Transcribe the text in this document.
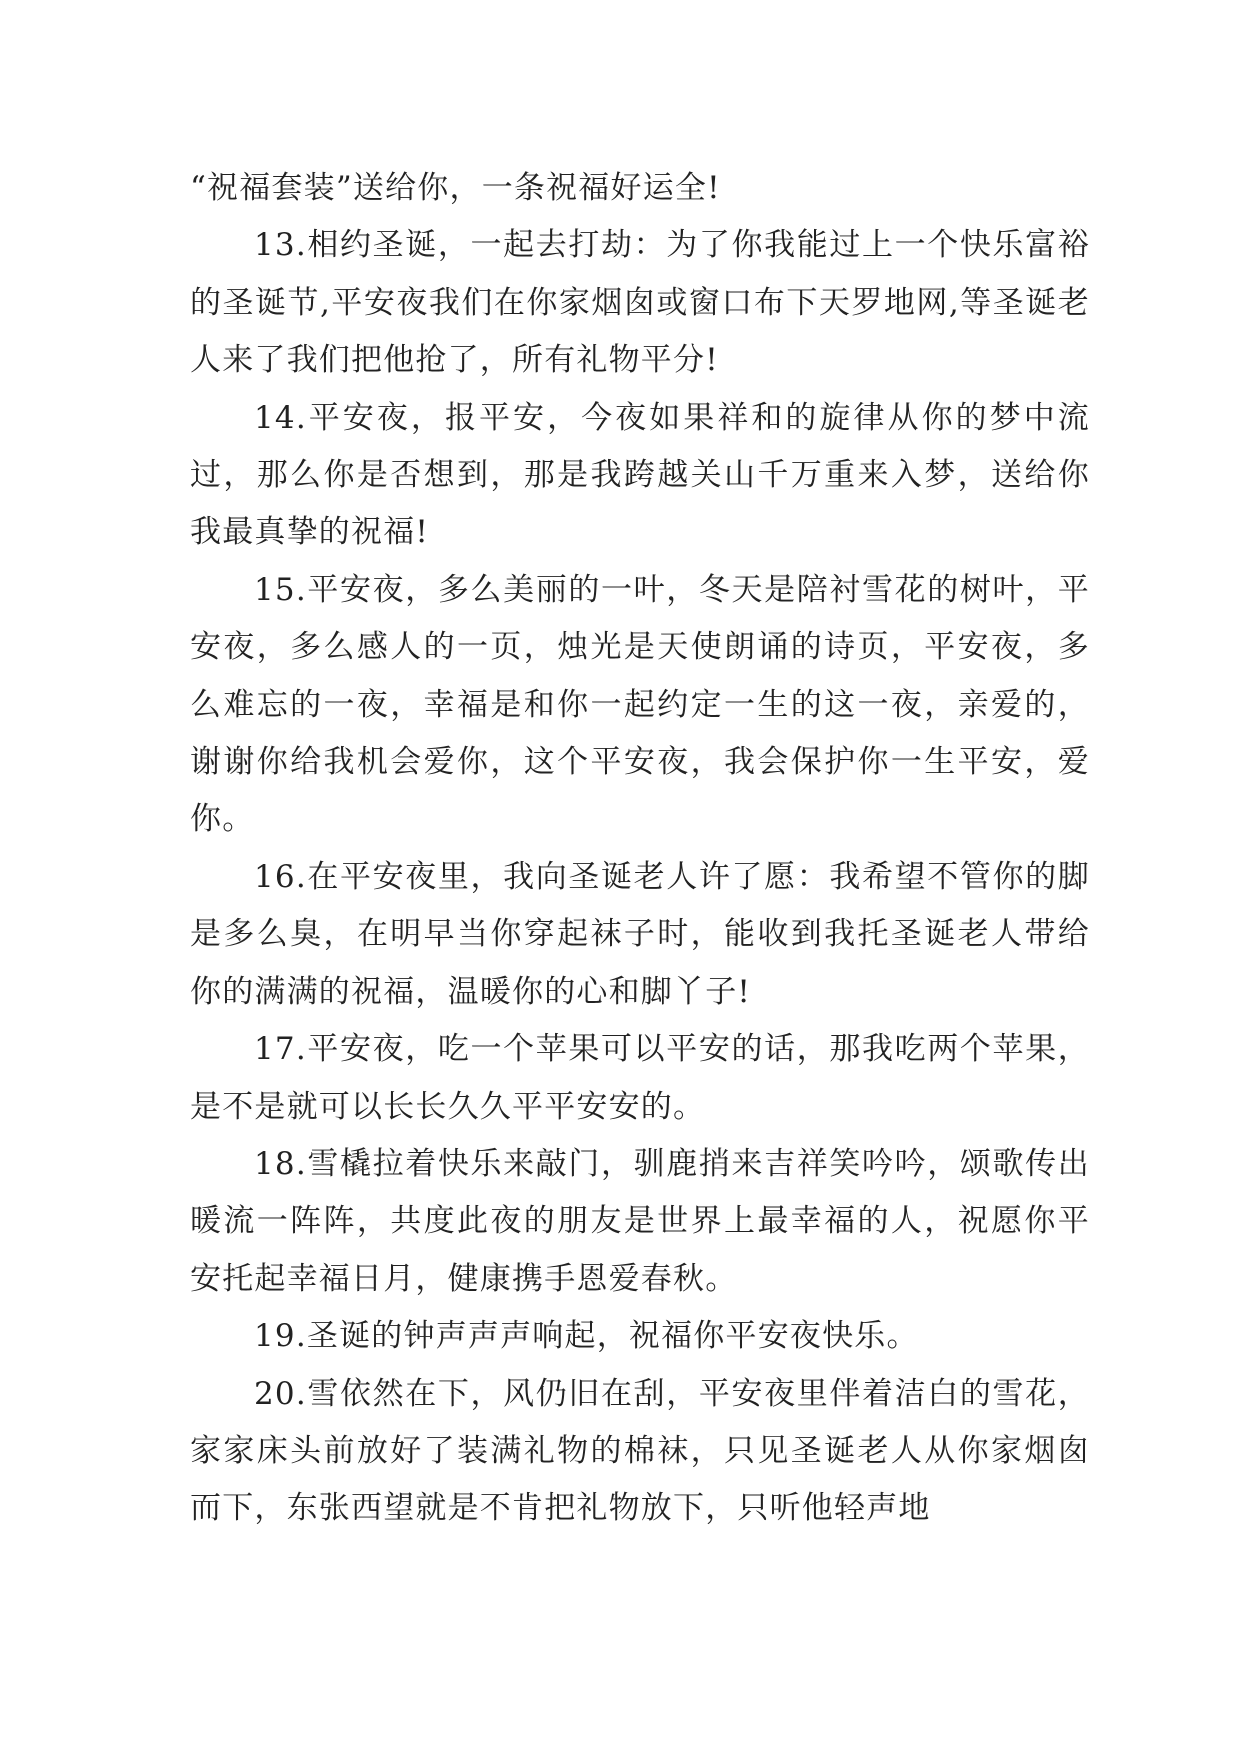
“祝福套装”送给你，一条祝福好运全!

13.相约圣诞，一起去打劫：为了你我能过上一个快乐富裕的圣诞节,平安夜我们在你家烟囱或窗口布下天罗地网,等圣诞老人来了我们把他抢了，所有礼物平分!

14.平安夜，报平安，今夜如果祥和的旋律从你的梦中流过，那么你是否想到，那是我跨越关山千万重来入梦，送给你我最真挚的祝福!

15.平安夜，多么美丽的一叶，冬天是陪衬雪花的树叶，平安夜，多么感人的一页，烛光是天使朗诵的诗页，平安夜，多么难忘的一夜，幸福是和你一起约定一生的这一夜，亲爱的，谢谢你给我机会爱你，这个平安夜，我会保护你一生平安，爱你。

16.在平安夜里，我向圣诞老人许了愿：我希望不管你的脚是多么臭，在明早当你穿起袜子时，能收到我托圣诞老人带给你的满满的祝福，温暖你的心和脚丫子!

17.平安夜，吃一个苹果可以平安的话，那我吃两个苹果，是不是就可以长长久久平平安安的。

18.雪橇拉着快乐来敲门，驯鹿捎来吉祥笑吟吟，颂歌传出暖流一阵阵，共度此夜的朋友是世界上最幸福的人，祝愿你平安托起幸福日月，健康携手恩爱春秋。

19.圣诞的钟声声声响起，祝福你平安夜快乐。

20.雪依然在下，风仍旧在刮，平安夜里伴着洁白的雪花，家家床头前放好了装满礼物的棉袜，只见圣诞老人从你家烟囱而下，东张西望就是不肯把礼物放下，只听他轻声地
